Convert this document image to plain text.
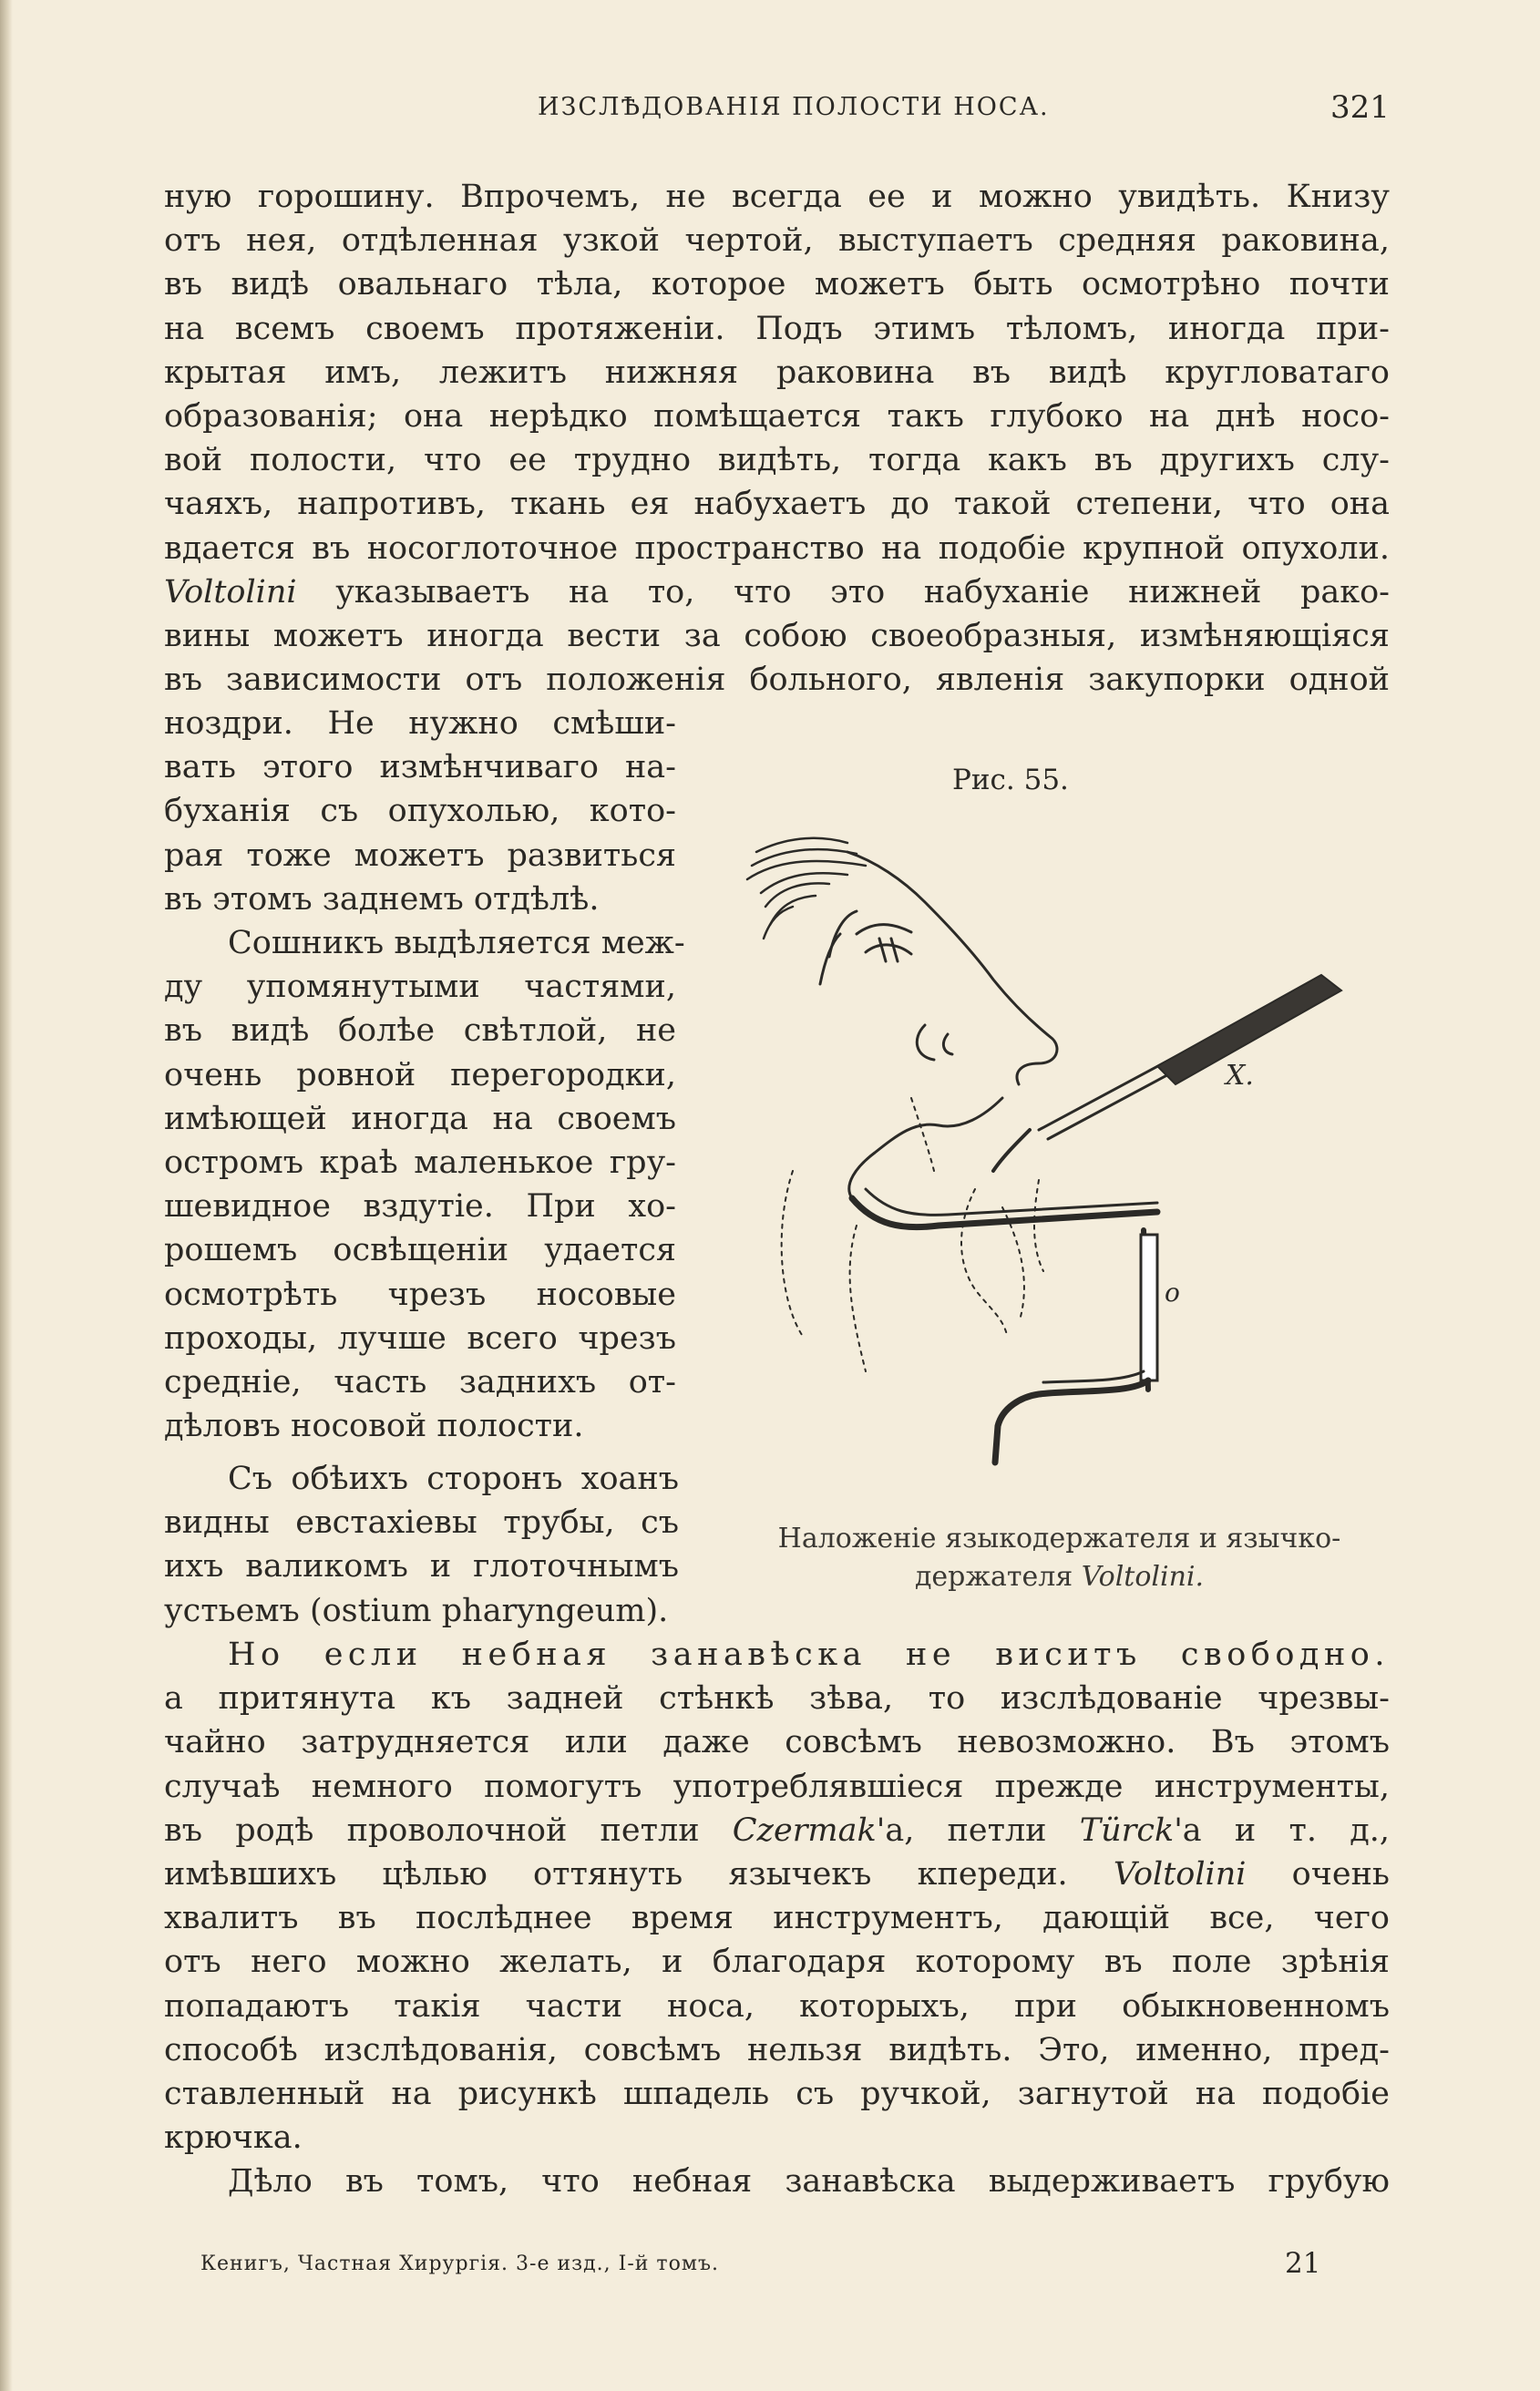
ИЗСЛѢДОВАНІЯ ПОЛОСТИ НОСА.	321
ную горошину. Впрочемъ, не всегда ее и можно увидѣть. Книзу
отъ нея, отдѣленная узкой чертой, выступаетъ средняя раковина,
въ видѣ овальнаго тѣла, которое можетъ быть осмотрѣно почти
на всемъ своемъ протяженіи. Подъ этимъ тѣломъ, иногда при-
крытая имъ, лежитъ нижняя раковина въ видѣ кругловатаго
образованія; она нерѣдко помѣщается такъ глубоко на днѣ носо-
вой полости, что ее трудно видѣть, тогда какъ въ другихъ слу-
чаяхъ, напротивъ, ткань ея набухаетъ до такой степени, что она
вдается въ носоглоточное пространство на подобіе крупной опухоли.
Voltolini указываетъ на то, что это набуханіе нижней рако-
вины можетъ иногда вести за собою своеобразныя, измѣняющіяся
въ зависимости отъ положенія больного, явленія закупорки одной
ноздри. Не нужно смѣши-
вать этого измѣнчиваго на-
буханія съ опухолью, кото-
рая тоже можетъ развиться
въ этомъ заднемъ отдѣлѣ.
Сошникъ выдѣляется меж-
ду упомянутыми частями,
въ видѣ болѣе свѣтлой, не
очень ровной перегородки,
имѣющей иногда на своемъ
остромъ краѣ маленькое гру-
шевидное вздутіе. При хо-
рошемъ освѣщеніи удается
осмотрѣть чрезъ носовые
проходы, лучше всего чрезъ
средніе, часть заднихъ от-
дѣловъ носовой полости.
Съ обѣихъ сторонъ хоанъ
видны евстахіевы трубы, съ
ихъ валикомъ и глоточнымъ
устьемъ (ostium pharyngeum).
Рис. 55.
X.
o
Наложеніе языкодержателя и язычко-
держателя Voltolini.
Но если небная занавѣска не виситъ свободно.
а притянута къ задней стѣнкѣ зѣва, то изслѣдованіе чрезвы-
чайно затрудняется или даже совсѣмъ невозможно. Въ этомъ
случаѣ немного помогутъ употреблявшіеся прежде инструменты,
въ родѣ проволочной петли Czermak'а, петли Türck'а и т. д.,
имѣвшихъ цѣлью оттянуть язычекъ кпереди. Voltolini очень
хвалитъ въ послѣднее время инструментъ, дающій все, чего
отъ него можно желать, и благодаря которому въ поле зрѣнія
попадаютъ такія части носа, которыхъ, при обыкновенномъ
способѣ изслѣдованія, совсѣмъ нельзя видѣть. Это, именно, пред-
ставленный на рисункѣ шпадель съ ручкой, загнутой на подобіе
крючка.
Дѣло въ томъ, что небная занавѣска выдерживаетъ грубую
Кенигъ, Частная Хирургія. 3-е изд., I-й томъ.	21
